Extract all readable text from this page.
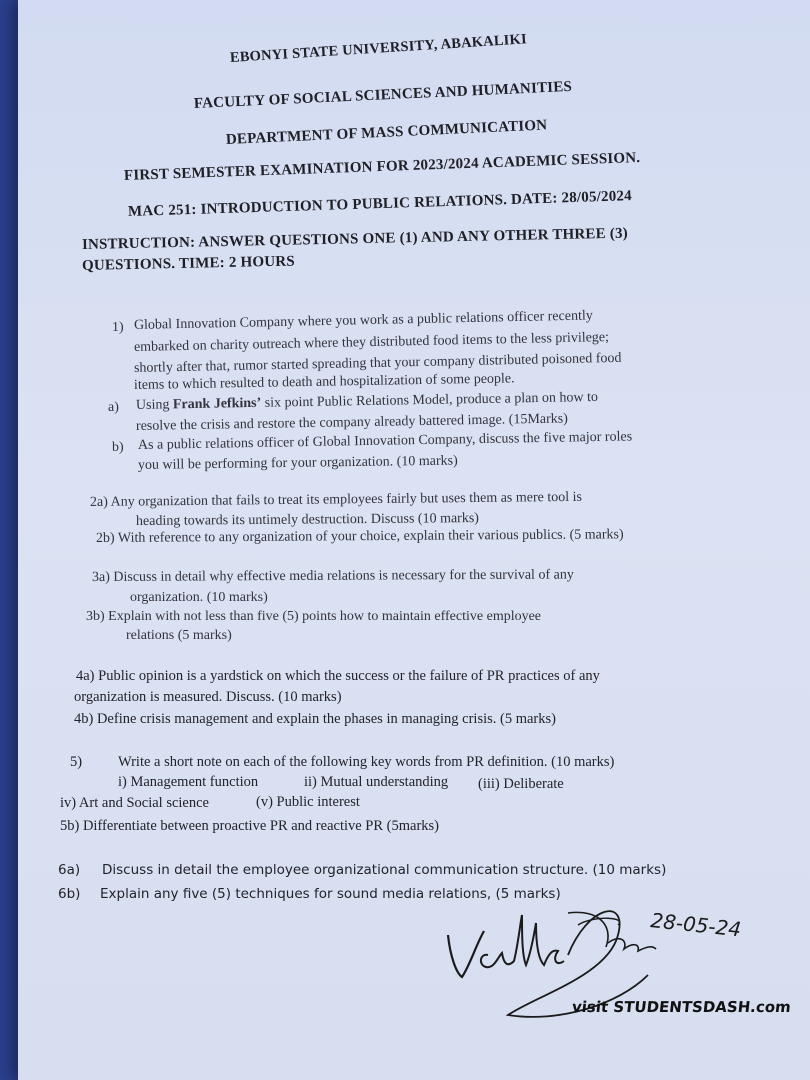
EBONYI STATE UNIVERSITY, ABAKALIKI
FACULTY OF SOCIAL SCIENCES AND HUMANITIES
DEPARTMENT OF MASS COMMUNICATION
FIRST SEMESTER EXAMINATION FOR 2023/2024 ACADEMIC SESSION.
MAC 251: INTRODUCTION TO PUBLIC RELATIONS. DATE: 28/05/2024
INSTRUCTION: ANSWER QUESTIONS ONE (1) AND ANY OTHER THREE (3)
QUESTIONS. TIME: 2 HOURS
1) Global Innovation Company where you work as a public relations officer recently
embarked on charity outreach where they distributed food items to the less privilege;
shortly after that, rumor started spreading that your company distributed poisoned food
items to which resulted to death and hospitalization of some people.
a) Using Frank Jefkins’ six point Public Relations Model, produce a plan on how to
resolve the crisis and restore the company already battered image. (15Marks)
b) As a public relations officer of Global Innovation Company, discuss the five major roles
you will be performing for your organization. (10 marks)
2a) Any organization that fails to treat its employees fairly but uses them as mere tool is
heading towards its untimely destruction. Discuss (10 marks)
2b) With reference to any organization of your choice, explain their various publics. (5 marks)
3a) Discuss in detail why effective media relations is necessary for the survival of any
organization. (10 marks)
3b) Explain with not less than five (5) points how to maintain effective employee
relations (5 marks)
4a) Public opinion is a yardstick on which the success or the failure of PR practices of any
organization is measured. Discuss. (10 marks)
4b) Define crisis management and explain the phases in managing crisis. (5 marks)
5) Write a short note on each of the following key words from PR definition. (10 marks)
i) Management function	ii) Mutual understanding (iii) Deliberate
iv) Art and Social science	(v) Public interest
5b) Differentiate between proactive PR and reactive PR (5marks)
6a) Discuss in detail the employee organizational communication structure. (10 marks)
6b) Explain any five (5) techniques for sound media relations, (5 marks)
28-05-24
visit STUDENTSDASH.com
